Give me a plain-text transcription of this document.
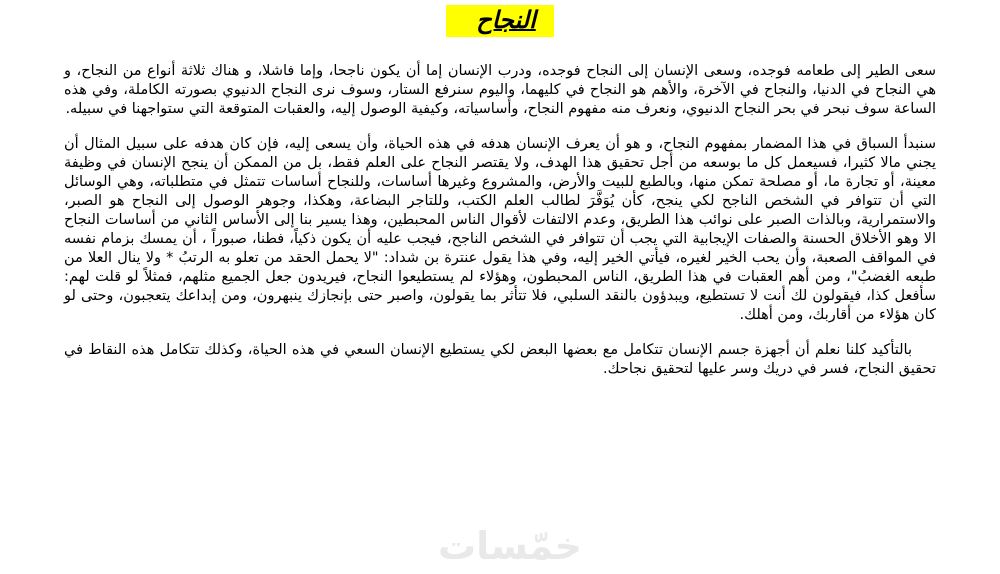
النجاح

سعى الطير إلى طعامه فوجده، وسعى الإنسان إلى النجاح فوجده، ودرب الإنسان إما أن يكون ناجحا، وإما فاشلا، و هناك ثلاثة أنواع من النجاح، و هي النجاح في الدنيا، والنجاح في الآخرة، والأهم هو النجاح في كليهما، واليوم سنرفع الستار، وسوف نرى النجاح الدنيوي بصورته الكاملة، وفي هذه الساعة سوف نبحر في بحر النجاح الدنيوي، ونعرف منه مفهوم النجاح، وأساسياته، وكيفية الوصول إليه، والعقبات المتوقعة التي ستواجهنا في سبيله.

سنبدأ السباق في هذا المضمار بمفهوم النجاح، و هو أن يعرف الإنسان هدفه في هذه الحياة، وأن يسعى إليه، فإن كان هدفه على سبيل المثال أن يجني مالا كثيرا، فسيعمل كل ما بوسعه من أجل تحقيق هذا الهدف، ولا يقتصر النجاح على العلم فقط، بل من الممكن أن ينجح الإنسان في وظيفة معينة، أو تجارة ما، أو مصلحة تمكن منها، وبالطبع للبيت والأرض، والمشروع وغيرها أساسات، وللنجاح أساسات تتمثل في متطلباته، وهي الوسائل التي أن تتوافر في الشخص الناجح لكي ينجح، كأن يُوَفَّرَ لطالب العلم الكتب، وللتاجر البضاعة، وهكذا، وجوهر الوصول إلى النجاح هو الصبر، والاستمرارية، وبالذات الصبر على نوائب هذا الطريق، وعدم الالتفات لأقوال الناس المحبطين، وهذا يسير بنا إلى الأساس الثاني من أساسات النجاح الا وهو الأخلاق الحسنة والصفات الإيجابية التي يجب أن تتوافر في الشخص الناجح، فيجب عليه أن يكون ذكياً، فطنا، صبوراً ، أن يمسك بزمام نفسه في المواقف الصعبة، وأن يحب الخير لغيره، فيأتي الخير إليه، وفي هذا يقول عنترة بن شداد: "لا يحمل الحقد من تعلو به الرتبُ * ولا ينال العلا من طبعه الغضبُ"، ومن أهم العقبات في هذا الطريق، الناس المحبطون، وهؤلاء لم يستطيعوا النجاح، فيريدون جعل الجميع مثلهم، فمثلاً لو قلت لهم: سأفعل كذا، فيقولون لك أنت لا تستطيع، ويبدؤون بالنقد السلبي، فلا تتأثر بما يقولون، واصبر حتى بإنجازك ينبهرون، ومن إبداعك يتعجبون، وحتى لو كان هؤلاء من أقاربك، ومن أهلك.

بالتأكيد كلنا نعلم أن أجهزة جسم الإنسان تتكامل مع بعضها البعض لكي يستطيع الإنسان السعي في هذه الحياة، وكذلك تتكامل هذه النقاط في تحقيق النجاح، فسر في دريك وسر عليها لتحقيق نجاحك.

خمّسات
